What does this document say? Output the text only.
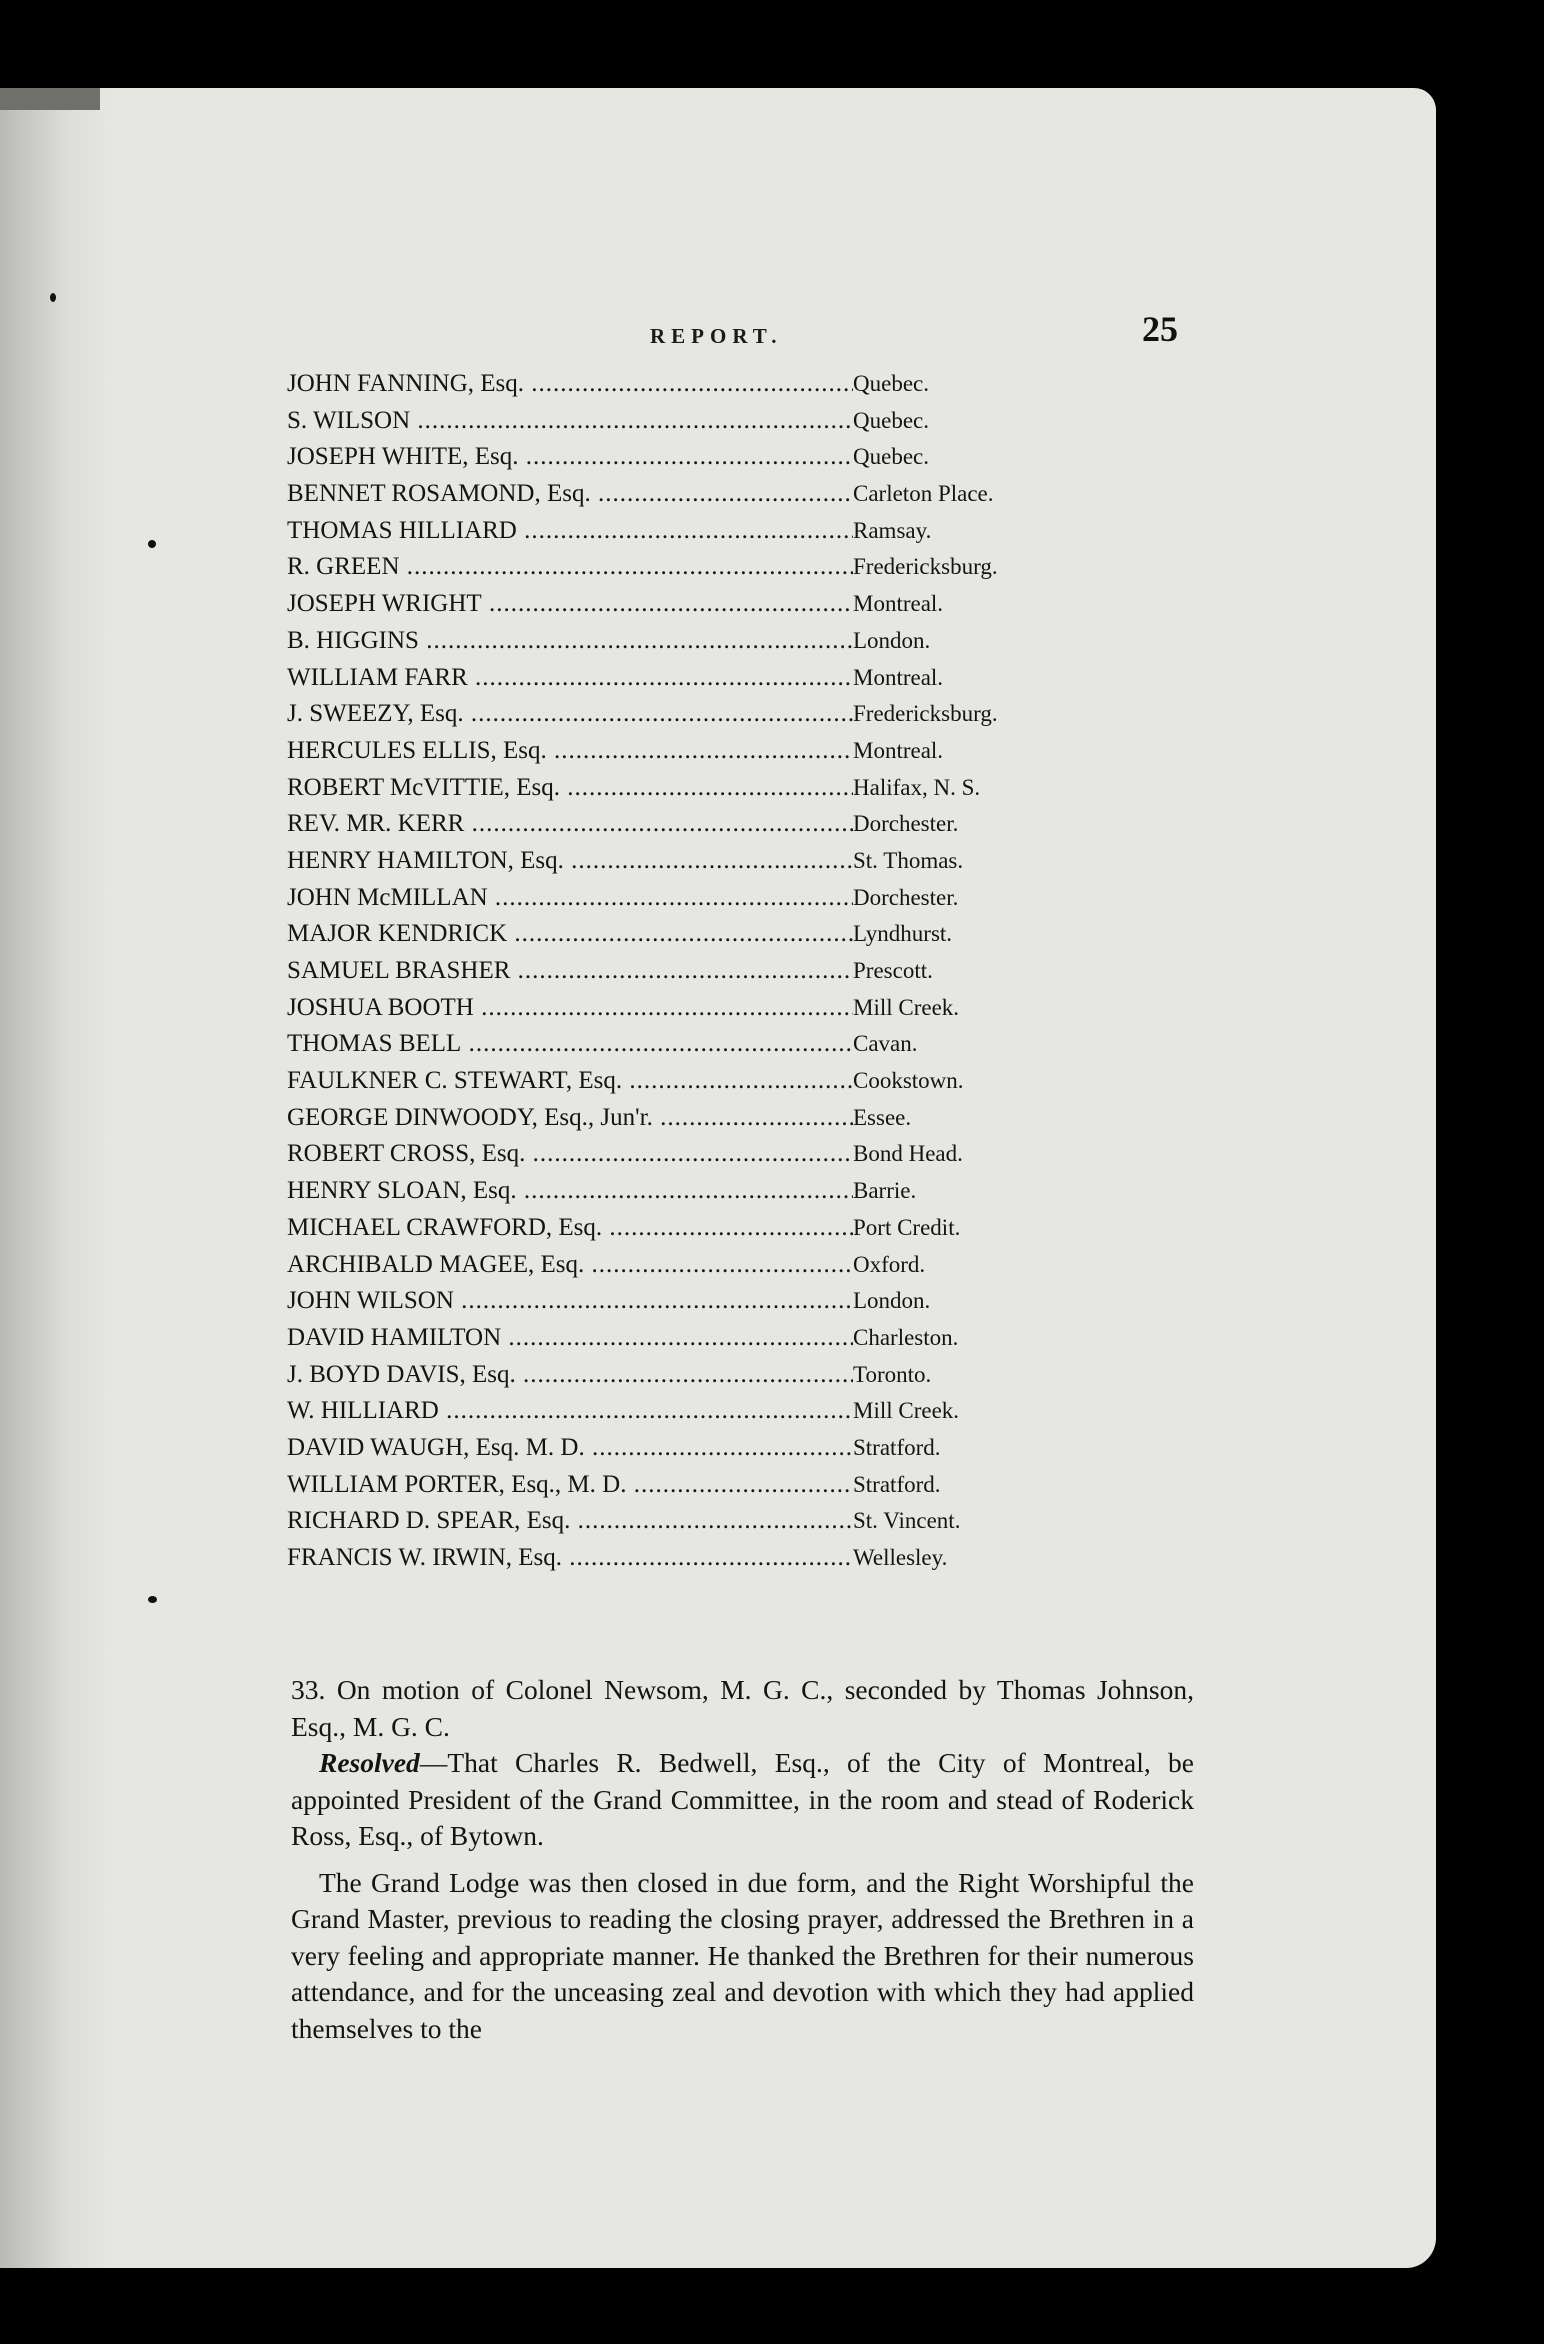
REPORT.	25
JOHN FANNING, Esq. .....	Quebec.
S. WILSON .....	Quebec.
JOSEPH WHITE, Esq. .....	Quebec.
BENNET ROSAMOND, Esq. .....	Carleton Place.
THOMAS HILLIARD .....	Ramsay.
R. GREEN .....	Fredericksburg.
JOSEPH WRIGHT .....	Montreal.
B. HIGGINS .....	London.
WILLIAM FARR .....	Montreal.
J. SWEEZY, Esq. .....	Fredericksburg.
HERCULES ELLIS, Esq. .....	Montreal.
ROBERT McVITTIE, Esq. .....	Halifax, N. S.
REV. MR. KERR .....	Dorchester.
HENRY HAMILTON, Esq. .....	St. Thomas.
JOHN McMILLAN .....	Dorchester.
MAJOR KENDRICK .....	Lyndhurst.
SAMUEL BRASHER .....	Prescott.
JOSHUA BOOTH .....	Mill Creek.
THOMAS BELL .....	Cavan.
FAULKNER C. STEWART, Esq. .....	Cookstown.
GEORGE DINWOODY, Esq., Jun'r. .....	Essee.
ROBERT CROSS, Esq. .....	Bond Head.
HENRY SLOAN, Esq. .....	Barrie.
MICHAEL CRAWFORD, Esq. .....	Port Credit.
ARCHIBALD MAGEE, Esq. .....	Oxford.
JOHN WILSON .....	London.
DAVID HAMILTON .....	Charleston.
J. BOYD DAVIS, Esq. .....	Toronto.
W. HILLIARD .....	Mill Creek.
DAVID WAUGH, Esq. M. D. .....	Stratford.
WILLIAM PORTER, Esq., M. D. .....	Stratford.
RICHARD D. SPEAR, Esq. .....	St. Vincent.
FRANCIS W. IRWIN, Esq. .....	Wellesley.

33. On motion of Colonel Newsom, M. G. C., seconded by Thomas Johnson, Esq., M. G. C.

Resolved—That Charles R. Bedwell, Esq., of the City of Montreal, be appointed President of the Grand Committee, in the room and stead of Roderick Ross, Esq., of Bytown.

The Grand Lodge was then closed in due form, and the Right Worshipful the Grand Master, previous to reading the closing prayer, addressed the Brethren in a very feeling and appropriate manner. He thanked the Brethren for their numerous attendance, and for the unceasing zeal and devotion with which they had applied themselves to the
